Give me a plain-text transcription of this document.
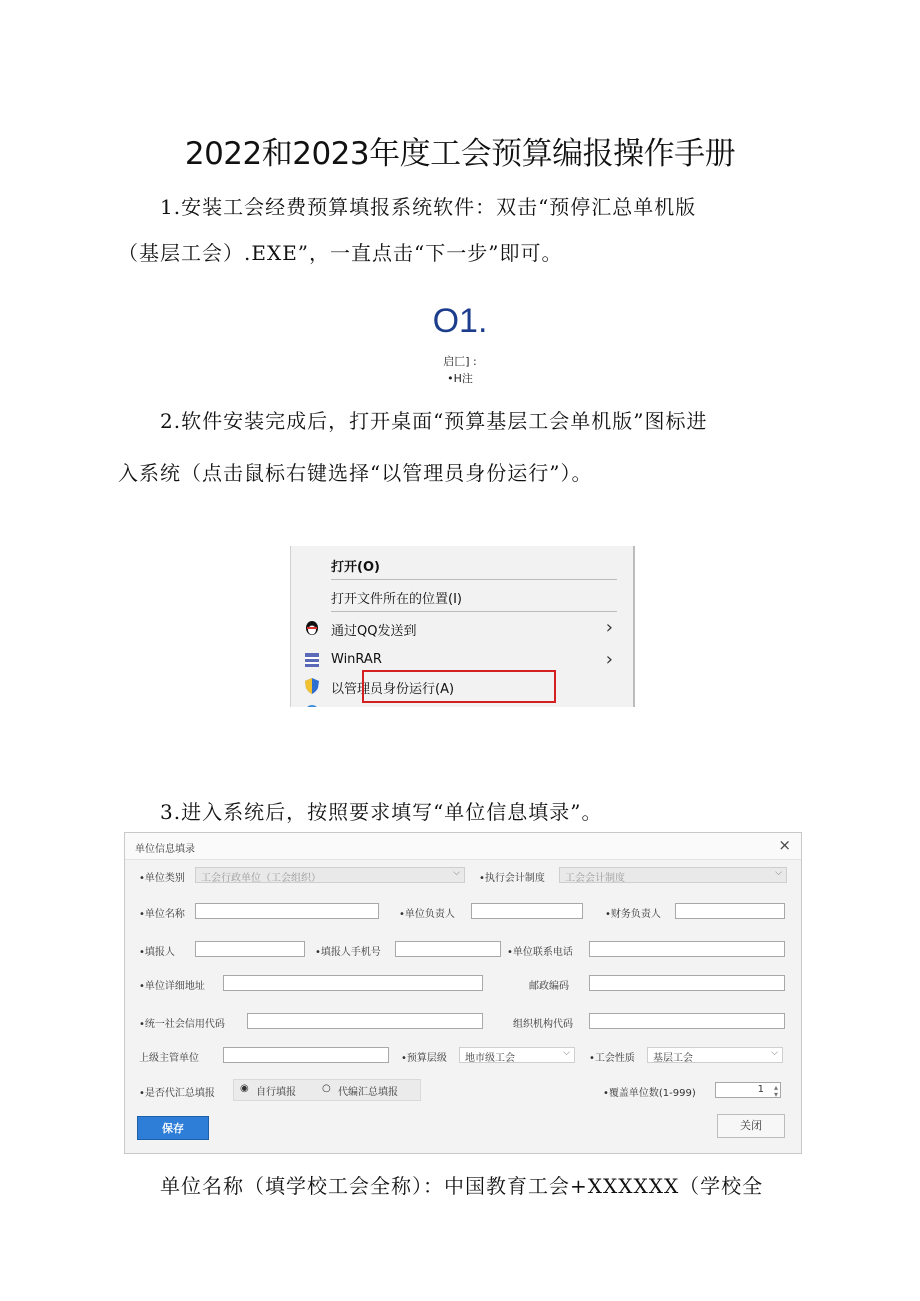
2022和2023年度工会预算编报操作手册
1.安装工会经费预算填报系统软件：双击“预停汇总单机版
（基层工会）.EXE”，一直点击“下一步”即可。
O1.
启匚] :
•H注
2.软件安装完成后，打开桌面“预算基层工会单机版”图标进
入系统（点击鼠标右键选择“以管理员身份运行”）。
打开(O)
打开文件所在的位置(I)
通过QQ发送到	›
WinRAR	›
以管理员身份运行(A)
3.进入系统后，按照要求填写“单位信息填录”。
单位信息填录	×
•单位类别 工会行政单位（工会组织）	⌵ •执行会计制度 工会会计制度	⌵
•单位名称	•单位负责人	•财务负责人
•填报人	•填报人手机号	•单位联系电话
•单位详细地址	邮政编码
•统一社会信用代码	组织机构代码
上级主管单位	•预算层级 地市级工会	⌵ •工会性质 基层工会	⌵
•是否代汇总填报	◉ 自行填报	○ 代编汇总填报	•覆盖单位数(1-999)	1 ▴
▾
保存	关闭
单位名称（填学校工会全称）：中国教育工会+XXXXXX（学校全
